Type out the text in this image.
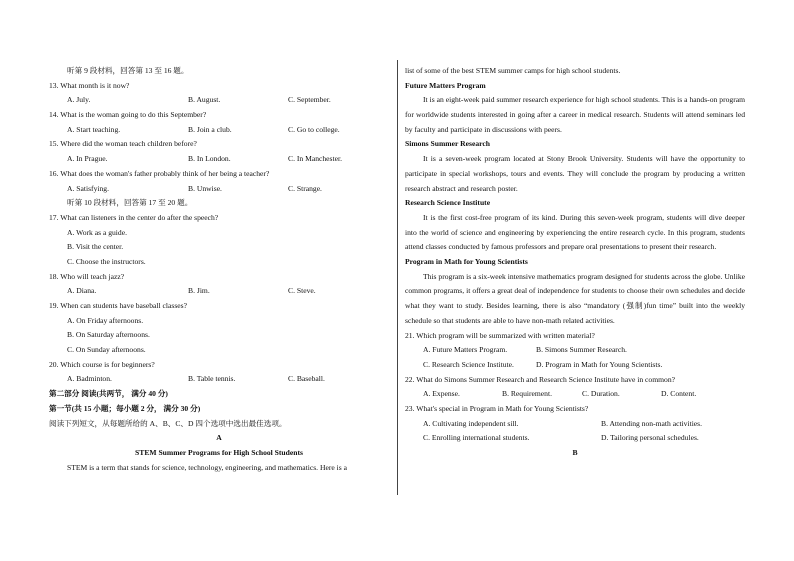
听第 9 段材料，回答第 13 至 16 题。
13. What month is it now?
A. July.	B. August.	C. September.
14. What is the woman going to do this September?
A. Start teaching.	B. Join a club.	C. Go to college.
15. Where did the woman teach children before?
A. In Prague.	B. In London.	C. In Manchester.
16. What does the woman's father probably think of her being a teacher?
A. Satisfying.	B. Unwise.	C. Strange.
听第 10 段材料，回答第 17 至 20 题。
17. What can listeners in the center do after the speech?
A. Work as a guide.
B. Visit the center.
C. Choose the instructors.
18. Who will teach jazz?
A. Diana.	B. Jim.	C. Steve.
19. When can students have baseball classes?
A. On Friday afternoons.
B. On Saturday afternoons.
C. On Sunday afternoons.
20. Which course is for beginners?
A. Badminton.	B. Table tennis.	C. Baseball.
第二部分 阅读(共两节， 满分 40 分)
第一节(共 15 小题；每小题 2 分， 满分 30 分)
阅读下列短文，从每题所给的 A、B、C、D 四个选项中选出最佳选项。
A
STEM Summer Programs for High School Students
STEM is a term that stands for science, technology, engineering, and mathematics. Here is a
list of some of the best STEM summer camps for high school students.
Future Matters Program
It is an eight-week paid summer research experience for high school students. This is a hands-on program for worldwide students interested in going after a career in medical research. Students will attend seminars led by faculty and participate in discussions with peers.
Simons Summer Research
It is a seven-week program located at Stony Brook University. Students will have the opportunity to participate in special workshops, tours and events. They will conclude the program by producing a written research abstract and research poster.
Research Science Institute
It is the first cost-free program of its kind. During this seven-week program, students will dive deeper into the world of science and engineering by experiencing the entire research cycle. In this program, students attend classes conducted by famous professors and prepare oral presentations to present their research.
Program in Math for Young Scientists
This program is a six-week intensive mathematics program designed for students across the globe. Unlike common programs, it offers a great deal of independence for students to choose their own schedules and decide what they want to study. Besides learning, there is also “mandatory (强制)fun time” built into the weekly schedule so that students are able to have non-math related activities.
21. Which program will be summarized with written material?
A. Future Matters Program.	B. Simons Summer Research.
C. Research Science Institute.	D. Program in Math for Young Scientists.
22. What do Simons Summer Research and Research Science Institute have in common?
A. Expense.	B. Requirement.	C. Duration.	D. Content.
23. What's special in Program in Math for Young Scientists?
A. Cultivating independent sill.	B. Attending non-math activities.
C. Enrolling international students.	D. Tailoring personal schedules.
B
